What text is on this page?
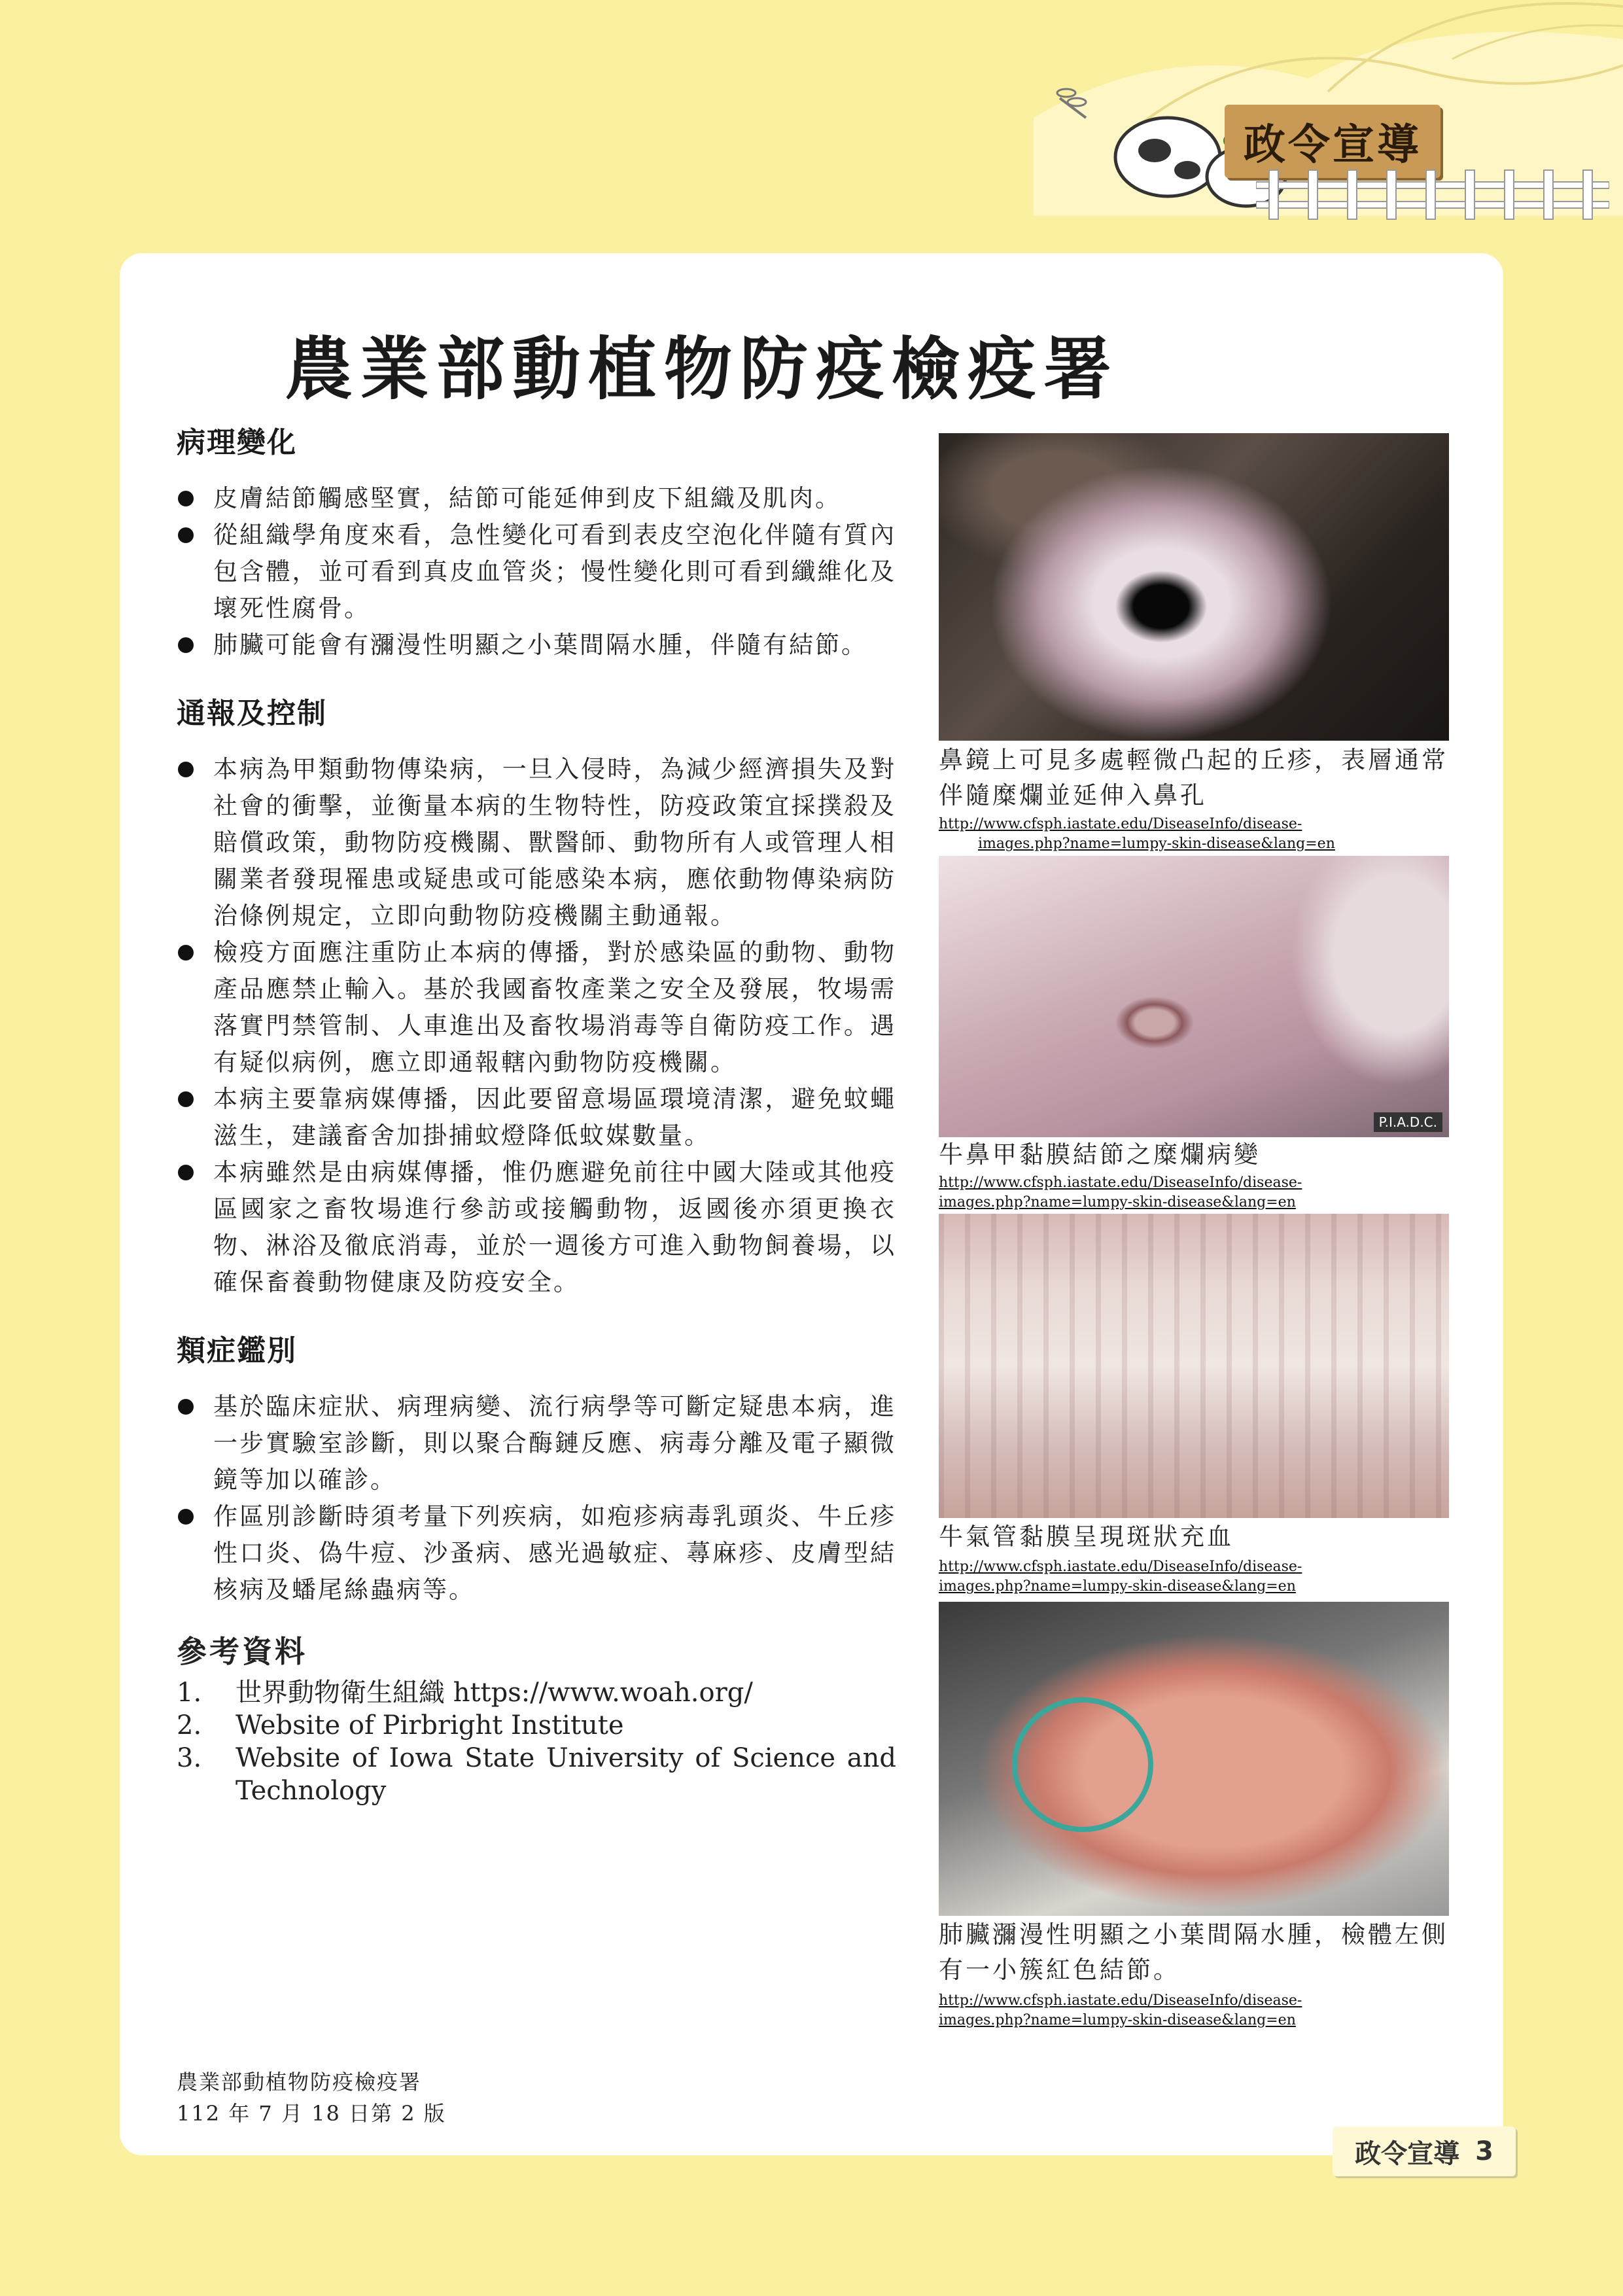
政令宣導
農業部動植物防疫檢疫署
病理變化
皮膚結節觸感堅實，結節可能延伸到皮下組織及肌肉。
從組織學角度來看，急性變化可看到表皮空泡化伴隨有質內包含體，並可看到真皮血管炎；慢性變化則可看到纖維化及壞死性腐骨。
肺臟可能會有瀰漫性明顯之小葉間隔水腫，伴隨有結節。
通報及控制
本病為甲類動物傳染病，一旦入侵時，為減少經濟損失及對社會的衝擊，並衡量本病的生物特性，防疫政策宜採撲殺及賠償政策，動物防疫機關、獸醫師、動物所有人或管理人相關業者發現罹患或疑患或可能感染本病，應依動物傳染病防治條例規定，立即向動物防疫機關主動通報。
檢疫方面應注重防止本病的傳播，對於感染區的動物、動物產品應禁止輸入。基於我國畜牧產業之安全及發展，牧場需落實門禁管制、人車進出及畜牧場消毒等自衛防疫工作。遇有疑似病例，應立即通報轄內動物防疫機關。
本病主要靠病媒傳播，因此要留意場區環境清潔，避免蚊蠅滋生，建議畜舍加掛捕蚊燈降低蚊媒數量。
本病雖然是由病媒傳播，惟仍應避免前往中國大陸或其他疫區國家之畜牧場進行參訪或接觸動物，返國後亦須更換衣物、淋浴及徹底消毒，並於一週後方可進入動物飼養場，以確保畜養動物健康及防疫安全。
類症鑑別
基於臨床症狀、病理病變、流行病學等可斷定疑患本病，進一步實驗室診斷，則以聚合酶鏈反應、病毒分離及電子顯微鏡等加以確診。
作區別診斷時須考量下列疾病，如疱疹病毒乳頭炎、牛丘疹性口炎、偽牛痘、沙蚤病、感光過敏症、蕁麻疹、皮膚型結核病及蟠尾絲蟲病等。
參考資料
1.	世界動物衛生組織 https://www.woah.org/
2.	Website of Pirbright Institute
3.	Website of Iowa State University of Science and Technology
農業部動植物防疫檢疫署
112 年 7 月 18 日第 2 版
鼻鏡上可見多處輕微凸起的丘疹，表層通常伴隨糜爛並延伸入鼻孔
http://www.cfsph.iastate.edu/DiseaseInfo/disease-
images.php?name=lumpy-skin-disease&lang=en
P.I.A.D.C.
牛鼻甲黏膜結節之糜爛病變
http://www.cfsph.iastate.edu/DiseaseInfo/disease-
images.php?name=lumpy-skin-disease&lang=en
牛氣管黏膜呈現斑狀充血
http://www.cfsph.iastate.edu/DiseaseInfo/disease-
images.php?name=lumpy-skin-disease&lang=en
肺臟瀰漫性明顯之小葉間隔水腫，檢體左側有一小簇紅色結節。
http://www.cfsph.iastate.edu/DiseaseInfo/disease-
images.php?name=lumpy-skin-disease&lang=en
政令宣導 3
